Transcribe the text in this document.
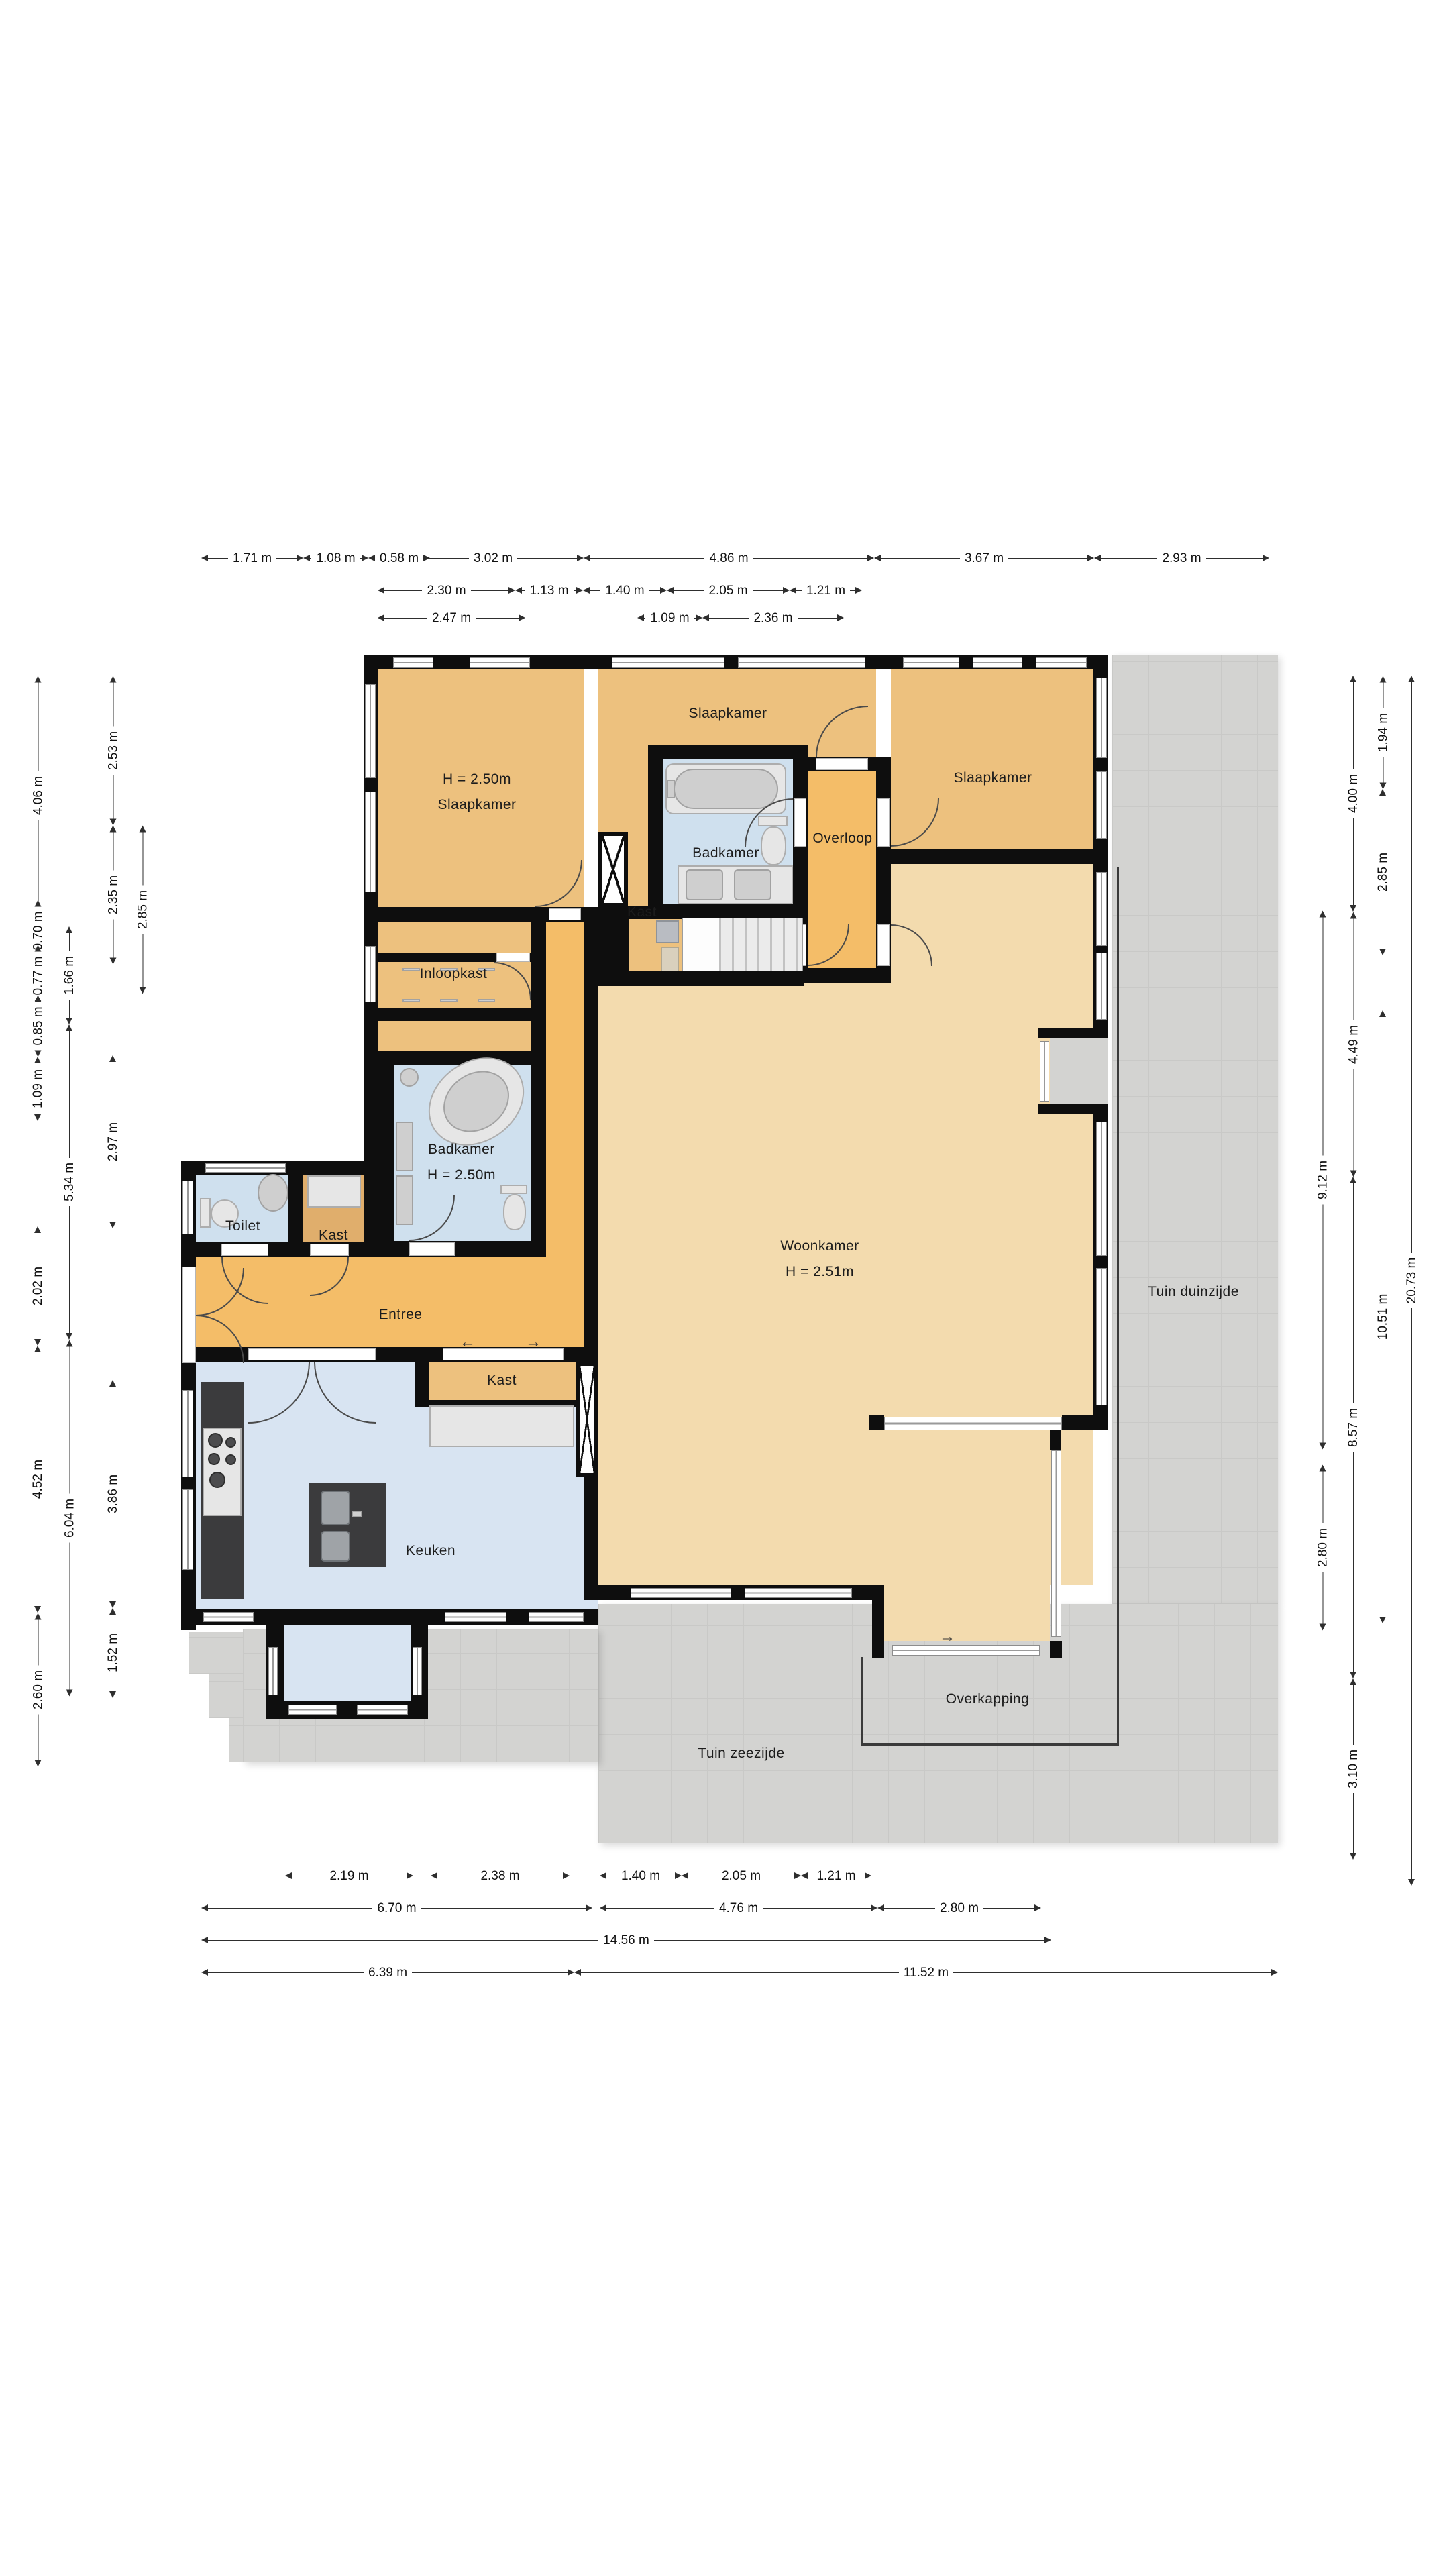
←	→
→
H = 2.50m
Slaapkamer
Slaapkamer
Slaapkamer
Badkamer
Overloop
Kast
Inloopkast
Badkamer
H = 2.50m
Toilet
Kast
Entree
Woonkamer
H = 2.51m
Keuken
Kast
Overkapping
Tuin zeezijde
Tuin duinzijde
1.71 m	1.08 m	0.58 m	3.02 m	4.86 m	3.67 m	2.93 m
2.30 m	1.13 m	1.40 m	2.05 m	1.21 m
2.47 m	1.09 m	2.36 m
2.19 m	2.38 m	1.40 m	2.05 m	1.21 m
6.70 m	4.76 m	2.80 m
14.56 m
6.39 m	11.52 m
4.06 m
0.70 m
0.77 m
0.85 m
1.09 m
2.02 m
4.52 m
2.60 m
1.66 m
5.34 m
6.04 m
2.53 m
2.35 m
2.97 m
3.86 m
1.52 m
2.85 m
9.12 m
2.80 m
4.00 m
4.49 m
8.57 m
3.10 m
1.94 m
2.85 m
10.51 m
20.73 m
